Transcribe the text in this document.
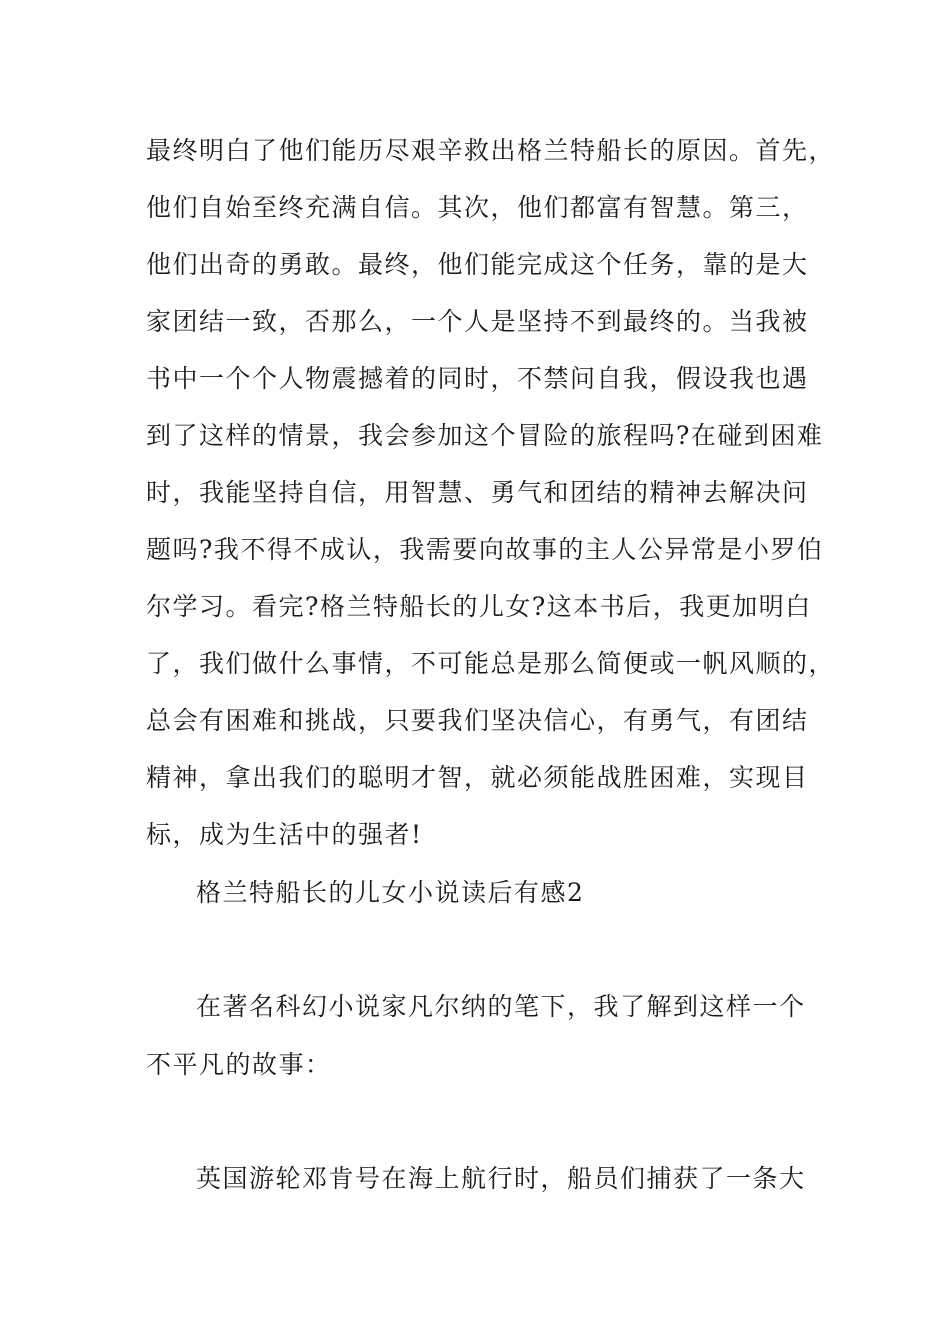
最终明白了他们能历尽艰辛救出格兰特船长的原因。首先，
他们自始至终充满自信。其次，他们都富有智慧。第三，
他们出奇的勇敢。最终，他们能完成这个任务，靠的是大
家团结一致，否那么，一个人是坚持不到最终的。当我被
书中一个个人物震撼着的同时，不禁问自我，假设我也遇
到了这样的情景，我会参加这个冒险的旅程吗?在碰到困难
时，我能坚持自信，用智慧、勇气和团结的精神去解决问
题吗?我不得不成认，我需要向故事的主人公异常是小罗伯
尔学习。看完?格兰特船长的儿女?这本书后，我更加明白
了，我们做什么事情，不可能总是那么简便或一帆风顺的，
总会有困难和挑战，只要我们坚决信心，有勇气，有团结
精神，拿出我们的聪明才智，就必须能战胜困难，实现目
标，成为生活中的强者!
格兰特船长的儿女小说读后有感2
在著名科幻小说家凡尔纳的笔下，我了解到这样一个
不平凡的故事：
英国游轮邓肯号在海上航行时，船员们捕获了一条大
